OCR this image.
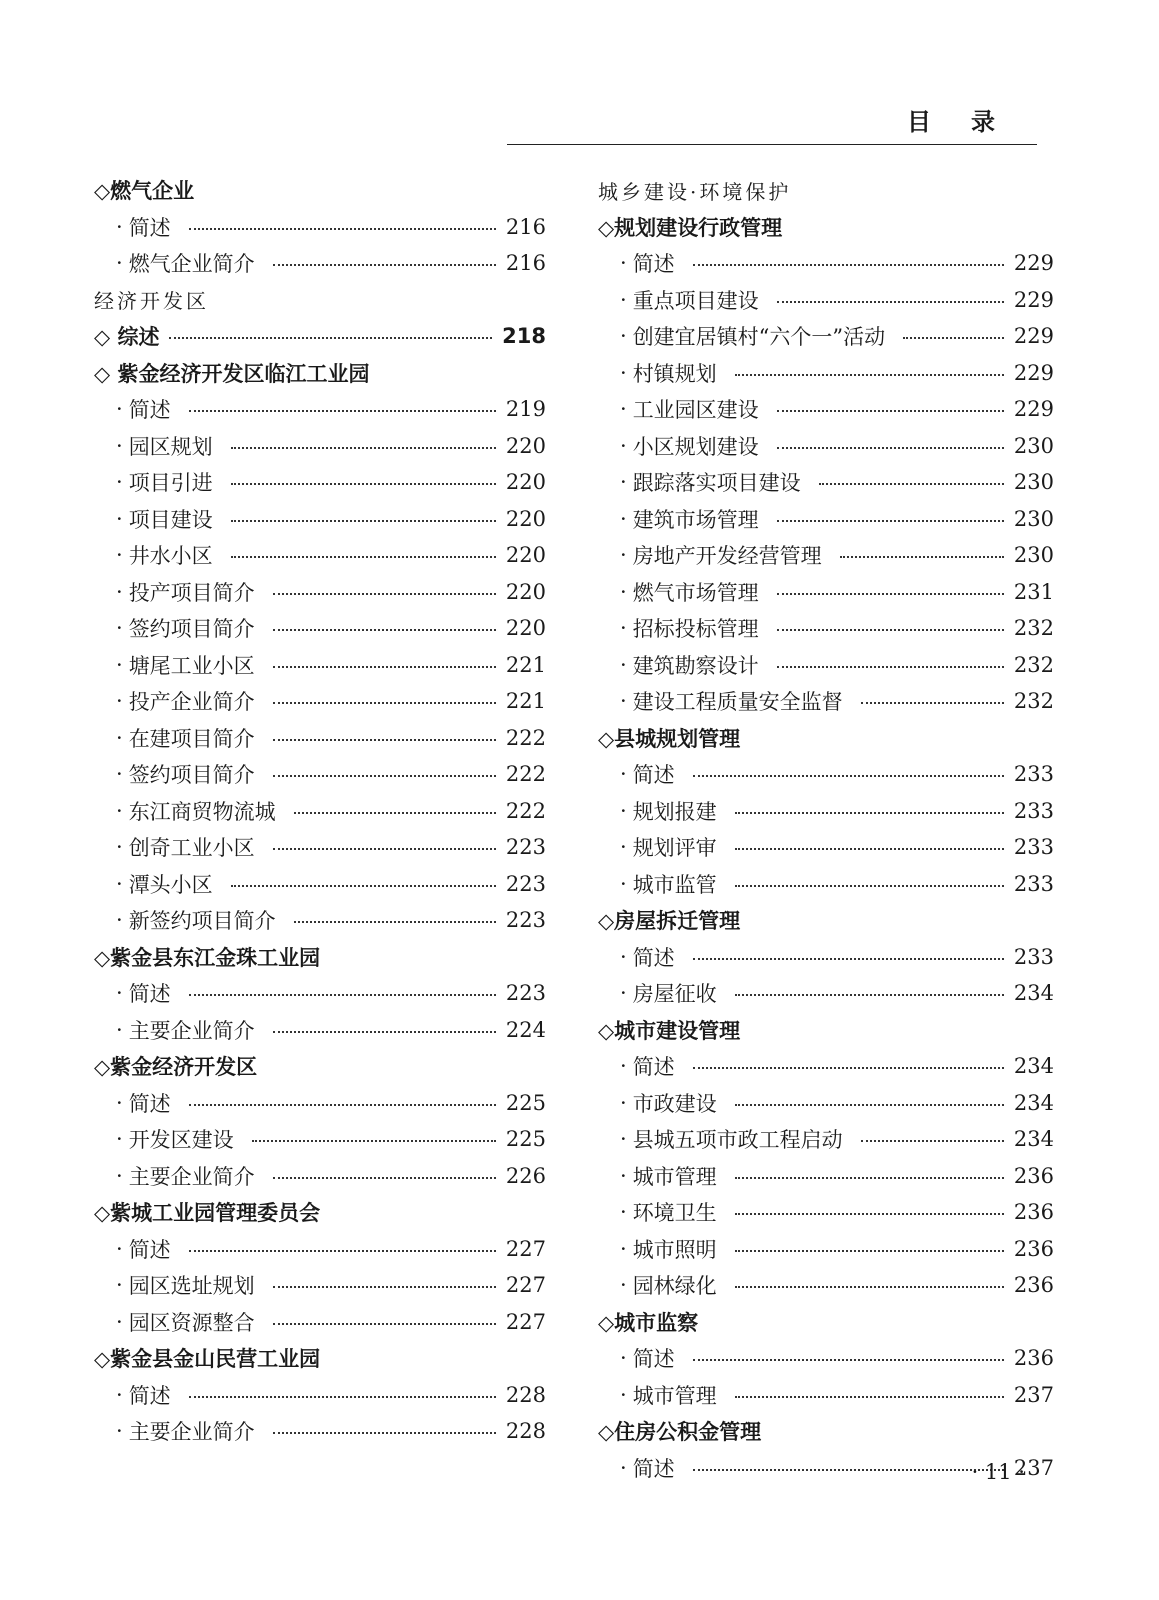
目录
◇燃气企业
· 简述	216
· 燃气企业简介	216
经济开发区
◇ 综述	218
◇ 紫金经济开发区临江工业园
· 简述	219
· 园区规划	220
· 项目引进	220
· 项目建设	220
· 井水小区	220
· 投产项目简介	220
· 签约项目简介	220
· 塘尾工业小区	221
· 投产企业简介	221
· 在建项目简介	222
· 签约项目简介	222
· 东江商贸物流城	222
· 创奇工业小区	223
· 潭头小区	223
· 新签约项目简介	223
◇紫金县东江金珠工业园
· 简述	223
· 主要企业简介	224
◇紫金经济开发区
· 简述	225
· 开发区建设	225
· 主要企业简介	226
◇紫城工业园管理委员会
· 简述	227
· 园区选址规划	227
· 园区资源整合	227
◇紫金县金山民营工业园
· 简述	228
· 主要企业简介	228
城乡建设·环境保护
◇规划建设行政管理
· 简述	229
· 重点项目建设	229
· 创建宜居镇村“六个一”活动	229
· 村镇规划	229
· 工业园区建设	229
· 小区规划建设	230
· 跟踪落实项目建设	230
· 建筑市场管理	230
· 房地产开发经营管理	230
· 燃气市场管理	231
· 招标投标管理	232
· 建筑勘察设计	232
· 建设工程质量安全监督	232
◇县城规划管理
· 简述	233
· 规划报建	233
· 规划评审	233
· 城市监管	233
◇房屋拆迁管理
· 简述	233
· 房屋征收	234
◇城市建设管理
· 简述	234
· 市政建设	234
· 县城五项市政工程启动	234
· 城市管理	236
· 环境卫生	236
· 城市照明	236
· 园林绿化	236
◇城市监察
· 简述	236
· 城市管理	237
◇住房公积金管理
· 简述	237
· 11 ·
